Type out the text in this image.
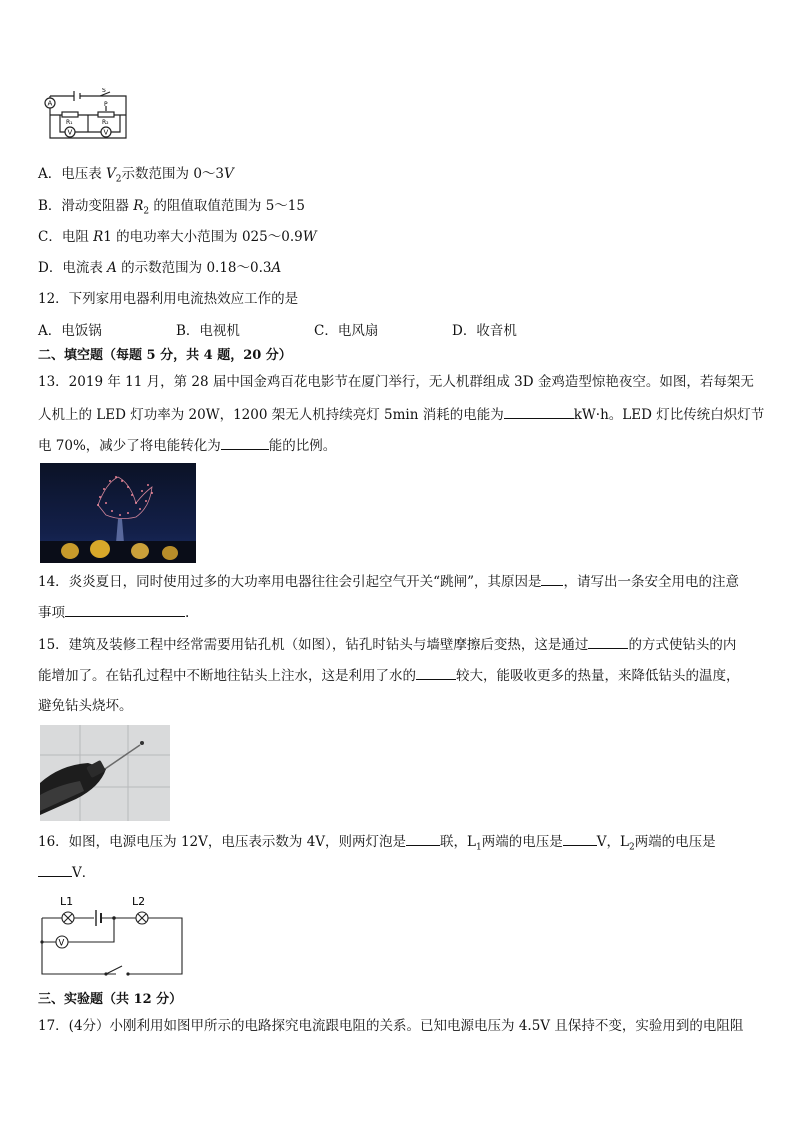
A
S
P
R₁	R₂
V	V
A．电压表 $V_2$示数范围为 0～3V
B．滑动变阻器 $R_2$ 的阻值取值范围为 5～15
C．电阻 R1 的电功率大小范围为 025～0.9W
D．电流表 A 的示数范围为 0.18～0.3A
12．下列家用电器利用电流热效应工作的是
A．电饭锅	B．电视机	C．电风扇	D．收音机
二、填空题（每题 5 分，共 4 题，20 分）
13．2019 年 11 月，第 28 届中国金鸡百花电影节在厦门举行，无人机群组成 3D 金鸡造型惊艳夜空。如图，若每架无
人机上的 LED 灯功率为 20W，1200 架无人机持续亮灯 5min 消耗的电能为	kW·h。LED 灯比传统白炽灯节
电 70%，减少了将电能转化为	能的比例。
14．炎炎夏日，同时使用过多的大功率用电器往往会引起空气开关“跳闸”，其原因是 ，请写出一条安全用电的注意
事项	.
15．建筑及装修工程中经常需要用钻孔机（如图），钻孔时钻头与墙壁摩擦后变热，这是通过	的方式使钻头的内
能增加了。在钻孔过程中不断地往钻头上注水，这是利用了水的	较大，能吸收更多的热量，来降低钻头的温度，
避免钻头烧坏。
16．如图，电源电压为 12V，电压表示数为 4V，则两灯泡是	联，$L_1$两端的电压是	V，$L_2$两端的电压是
V．
L1	L2
V
三、实验题（共 12 分）
17．(4分）小刚利用如图甲所示的电路探究电流跟电阻的关系。已知电源电压为 4.5V 且保持不变，实验用到的电阻阻
